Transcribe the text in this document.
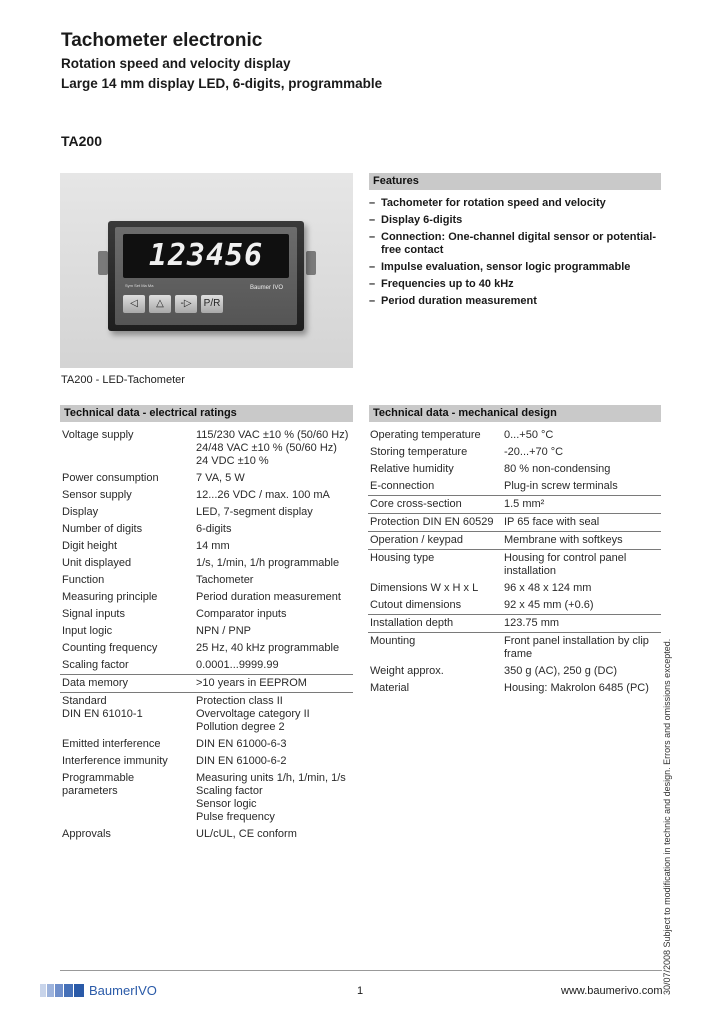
Tachometer electronic
Rotation speed and velocity display
Large 14 mm display LED, 6-digits, programmable
TA200
123456
Sym Set Ma Ma	Baumer IVO
◁	△	-▷	P/R
TA200 - LED-Tachometer
Features
– Tachometer for rotation speed and velocity
– Display 6-digits
– Connection: One-channel digital sensor or potential-free contact
– Impulse evaluation, sensor logic programmable
– Frequencies up to 40 kHz
– Period duration measurement
Technical data - electrical ratings
Voltage supply	115/230 VAC ±10 % (50/60 Hz)
24/48 VAC ±10 % (50/60 Hz)
24 VDC ±10 %
Power consumption	7 VA, 5 W
Sensor supply	12...26 VDC / max. 100 mA
Display	LED, 7-segment display
Number of digits	6-digits
Digit height	14 mm
Unit displayed	1/s, 1/min, 1/h programmable
Function	Tachometer
Measuring principle	Period duration measurement
Signal inputs	Comparator inputs
Input logic	NPN / PNP
Counting frequency	25 Hz, 40 kHz programmable
Scaling factor	0.0001...9999.99
Data memory	>10 years in EEPROM
Standard
DIN EN 61010-1	Protection class II
Overvoltage category II
Pollution degree 2
Emitted interference	DIN EN 61000-6-3
Interference immunity	DIN EN 61000-6-2
Programmable
parameters	Measuring units 1/h, 1/min, 1/s
Scaling factor
Sensor logic
Pulse frequency
Approvals	UL/cUL, CE conform
Technical data - mechanical design
Operating temperature	0...+50 °C
Storing temperature	-20...+70 °C
Relative humidity	80 % non-condensing
E-connection	Plug-in screw terminals
Core cross-section	1.5 mm²
Protection DIN EN 60529	IP 65 face with seal
Operation / keypad	Membrane with softkeys
Housing type	Housing for control panel
installation
Dimensions W x H x L	96 x 48 x 124 mm
Cutout dimensions	92 x 45 mm (+0.6)
Installation depth	123.75 mm
Mounting	Front panel installation by clip
frame
Weight approx.	350 g (AC), 250 g (DC)
Material	Housing: Makrolon 6485 (PC)
BaumerIVO	1	www.baumerivo.com 30/07/2008 Subject to modification in technic and design. Errors and omissions excepted.
